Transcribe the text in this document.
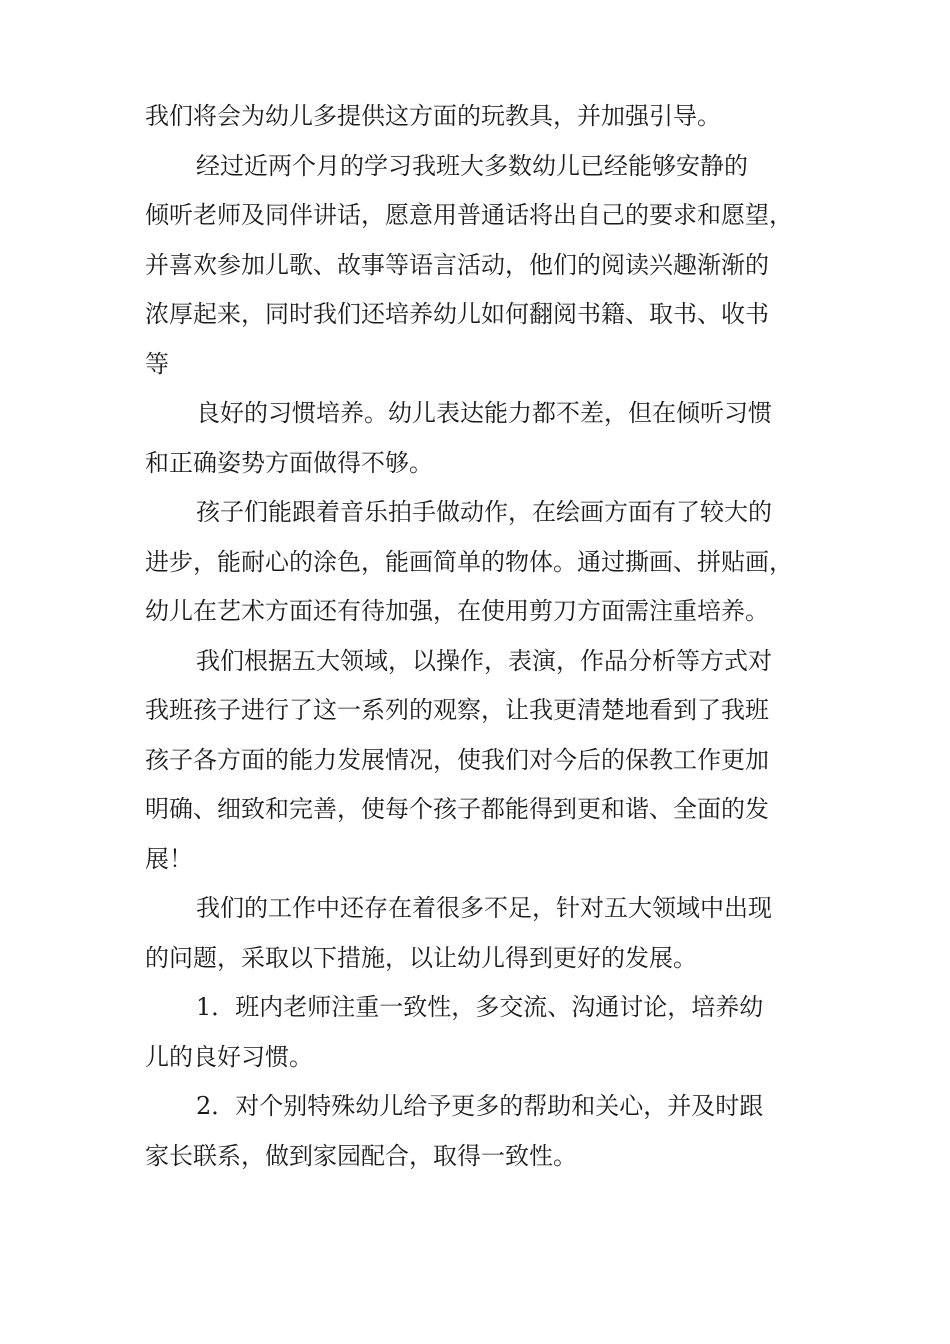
我们将会为幼儿多提供这方面的玩教具，并加强引导。
经过近两个月的学习我班大多数幼儿已经能够安静的
倾听老师及同伴讲话，愿意用普通话将出自己的要求和愿望，
并喜欢参加儿歌、故事等语言活动，他们的阅读兴趣渐渐的
浓厚起来，同时我们还培养幼儿如何翻阅书籍、取书、收书
等
良好的习惯培养。幼儿表达能力都不差，但在倾听习惯
和正确姿势方面做得不够。
孩子们能跟着音乐拍手做动作，在绘画方面有了较大的
进步，能耐心的涂色，能画简单的物体。通过撕画、拼贴画，
幼儿在艺术方面还有待加强，在使用剪刀方面需注重培养。
我们根据五大领域，以操作，表演，作品分析等方式对
我班孩子进行了这一系列的观察，让我更清楚地看到了我班
孩子各方面的能力发展情况，使我们对今后的保教工作更加
明确、细致和完善，使每个孩子都能得到更和谐、全面的发
展！
我们的工作中还存在着很多不足，针对五大领域中出现
的问题，采取以下措施，以让幼儿得到更好的发展。
1．班内老师注重一致性，多交流、沟通讨论，培养幼
儿的良好习惯。
2．对个别特殊幼儿给予更多的帮助和关心，并及时跟
家长联系，做到家园配合，取得一致性。
